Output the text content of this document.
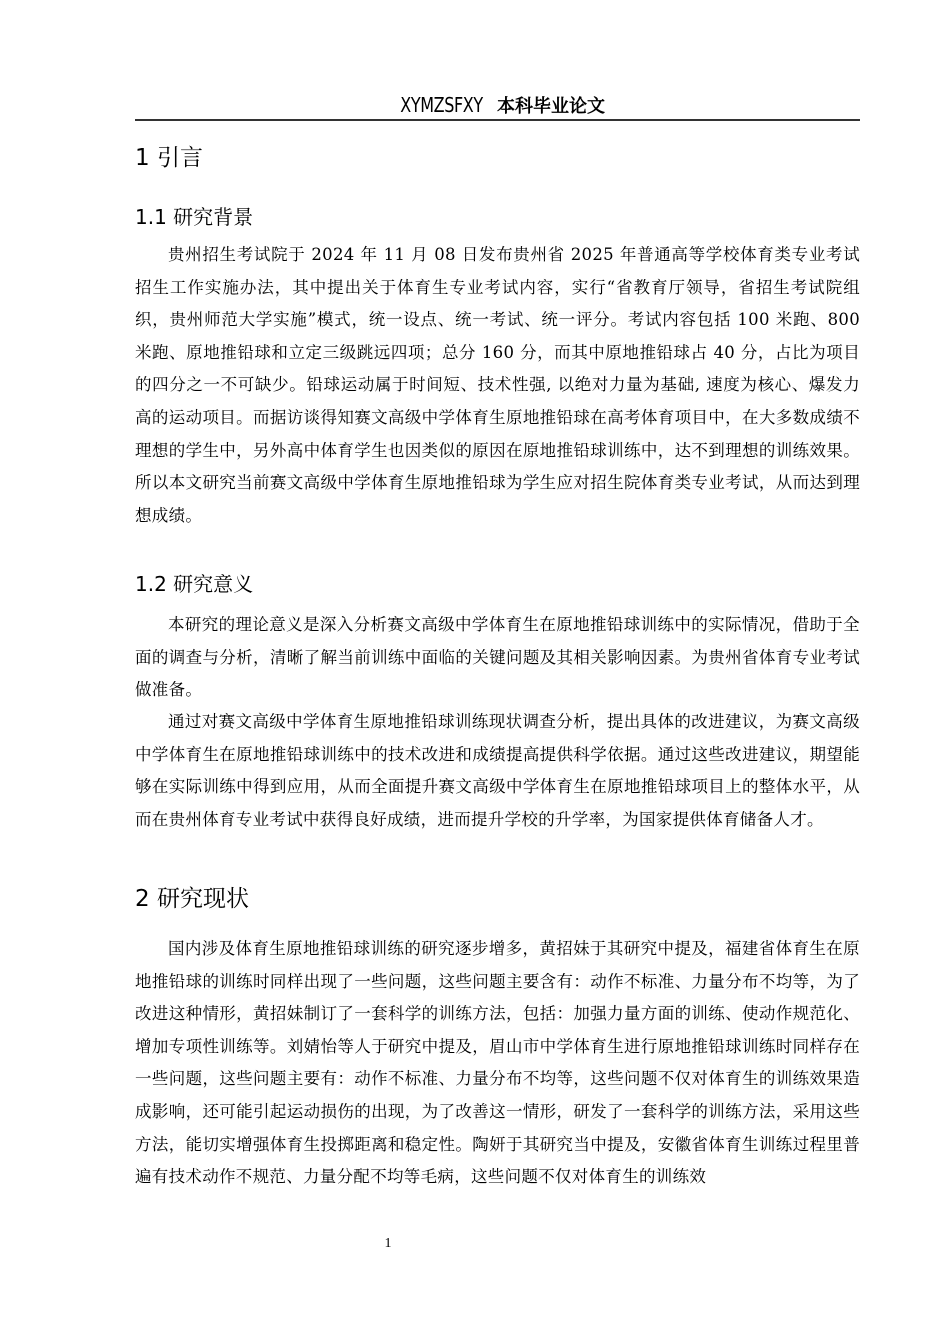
XYMZSFXY 本科毕业论文
1 引言
1.1 研究背景
贵州招生考试院于 2024 年 11 月 08 日发布贵州省 2025 年普通高等学校体育类专业考试招生工作实施办法，其中提出关于体育生专业考试内容，实行“省教育厅领导，省招生考试院组织，贵州师范大学实施”模式，统一设点、统一考试、统一评分。考试内容包括 100 米跑、800 米跑、原地推铅球和立定三级跳远四项；总分 160 分，而其中原地推铅球占 40 分，占比为项目的四分之一不可缺少。铅球运动属于时间短、技术性强, 以绝对力量为基础, 速度为核心、爆发力高的运动项目。而据访谈得知赛文高级中学体育生原地推铅球在高考体育项目中，在大多数成绩不理想的学生中，另外高中体育学生也因类似的原因在原地推铅球训练中，达不到理想的训练效果。所以本文研究当前赛文高级中学体育生原地推铅球为学生应对招生院体育类专业考试，从而达到理想成绩。
1.2 研究意义
本研究的理论意义是深入分析赛文高级中学体育生在原地推铅球训练中的实际情况，借助于全面的调查与分析，清晰了解当前训练中面临的关键问题及其相关影响因素。为贵州省体育专业考试做准备。
通过对赛文高级中学体育生原地推铅球训练现状调查分析，提出具体的改进建议，为赛文高级中学体育生在原地推铅球训练中的技术改进和成绩提高提供科学依据。通过这些改进建议，期望能够在实际训练中得到应用，从而全面提升赛文高级中学体育生在原地推铅球项目上的整体水平，从而在贵州体育专业考试中获得良好成绩，进而提升学校的升学率，为国家提供体育储备人才。
2 研究现状
国内涉及体育生原地推铅球训练的研究逐步增多，黄招妹于其研究中提及，福建省体育生在原地推铅球的训练时同样出现了一些问题，这些问题主要含有：动作不标准、力量分布不均等，为了改进这种情形，黄招妹制订了一套科学的训练方法，包括：加强力量方面的训练、使动作规范化、增加专项性训练等。刘婧怡等人于研究中提及，眉山市中学体育生进行原地推铅球训练时同样存在一些问题，这些问题主要有：动作不标准、力量分布不均等，这些问题不仅对体育生的训练效果造成影响，还可能引起运动损伤的出现，为了改善这一情形，研发了一套科学的训练方法，采用这些方法，能切实增强体育生投掷距离和稳定性。陶妍于其研究当中提及，安徽省体育生训练过程里普遍有技术动作不规范、力量分配不均等毛病，这些问题不仅对体育生的训练效
1
